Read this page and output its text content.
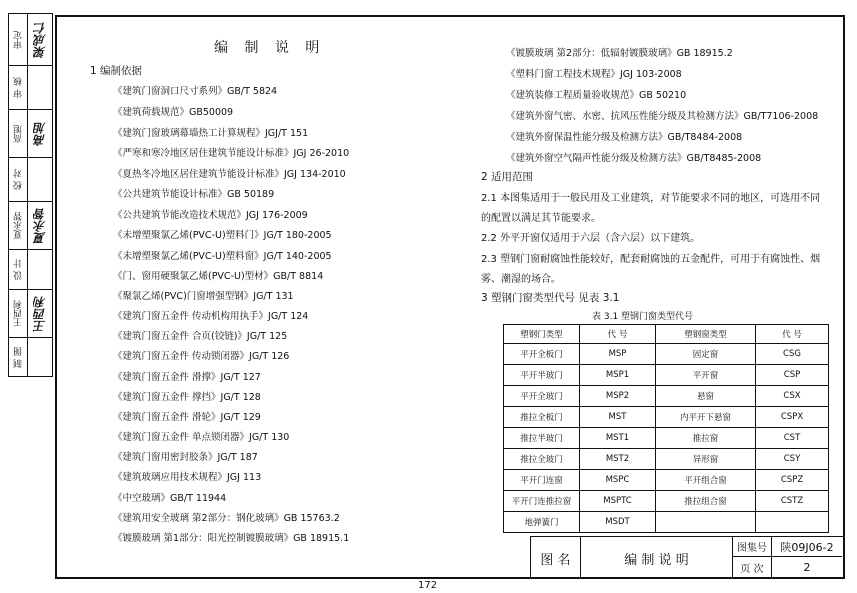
审定 梁成仁
审 核
高旭 高旭
校 对
夏永智 夏永智
设 计
王西利 王西利
制 图
编 制 说 明
1 编制依据
《建筑门窗洞口尺寸系列》GB/T 5824
《建筑荷载规范》GB50009
《建筑门窗玻璃幕墙热工计算规程》JGJ/T 151
《严寒和寒冷地区居住建筑节能设计标准》JGJ 26-2010
《夏热冬冷地区居住建筑节能设计标准》JGJ 134-2010
《公共建筑节能设计标准》GB 50189
《公共建筑节能改造技术规范》JGJ 176-2009
《未增塑聚氯乙烯(PVC-U)塑料门》JG/T 180-2005
《未增塑聚氯乙烯(PVC-U)塑料窗》JG/T 140-2005
《门、窗用硬聚氯乙烯(PVC-U)型材》GB/T 8814
《聚氯乙烯(PVC)门窗增强型钢》JG/T 131
《建筑门窗五金件 传动机构用执手》JG/T 124
《建筑门窗五金件 合页(铰链)》JG/T 125
《建筑门窗五金件 传动锁闭器》JG/T 126
《建筑门窗五金件 滑撑》JG/T 127
《建筑门窗五金件 撑挡》JG/T 128
《建筑门窗五金件 滑轮》JG/T 129
《建筑门窗五金件 单点锁闭器》JG/T 130
《建筑门窗用密封胶条》JG/T 187
《建筑玻璃应用技术规程》JGJ 113
《中空玻璃》GB/T 11944
《建筑用安全玻璃 第2部分：钢化玻璃》GB 15763.2
《镀膜玻璃 第1部分：阳光控制镀膜玻璃》GB 18915.1
《镀膜玻璃 第2部分：低辐射镀膜玻璃》GB 18915.2
《塑料门窗工程技术规程》JGJ 103-2008
《建筑装修工程质量验收规范》GB 50210
《建筑外窗气密、水密、抗风压性能分级及其检测方法》GB/T7106-2008
《建筑外窗保温性能分级及检测方法》GB/T8484-2008
《建筑外窗空气隔声性能分级及检测方法》GB/T8485-2008
2 适用范围
2.1 本图集适用于一般民用及工业建筑，对节能要求不同的地区，可选用不同
的配置以满足其节能要求。
2.2 外平开窗仅适用于六层（含六层）以下建筑。
2.3 塑钢门窗耐腐蚀性能较好，配套耐腐蚀的五金配件，可用于有腐蚀性、烟
雾、潮湿的场合。
3 塑钢门窗类型代号 见表 3.1
表 3.1 塑钢门窗类型代号
塑钢门类型	代 号	塑钢窗类型	代 号
平开全板门	MSP	固定窗	CSG
平开半玻门	MSP1	平开窗	CSP
平开全玻门	MSP2	悬窗	CSX
推拉全板门	MST	内平开下悬窗	CSPX
推拉半玻门	MST1	推拉窗	CST
推拉全玻门	MST2	异形窗	CSY
平开门连窗	MSPC	平开组合窗	CSPZ
平开门连推拉窗	MSPTC	推拉组合窗	CSTZ
地弹簧门	MSDT		
图 名	编 制 说 明
图集号	陕09J06-2
页 次	2
172
